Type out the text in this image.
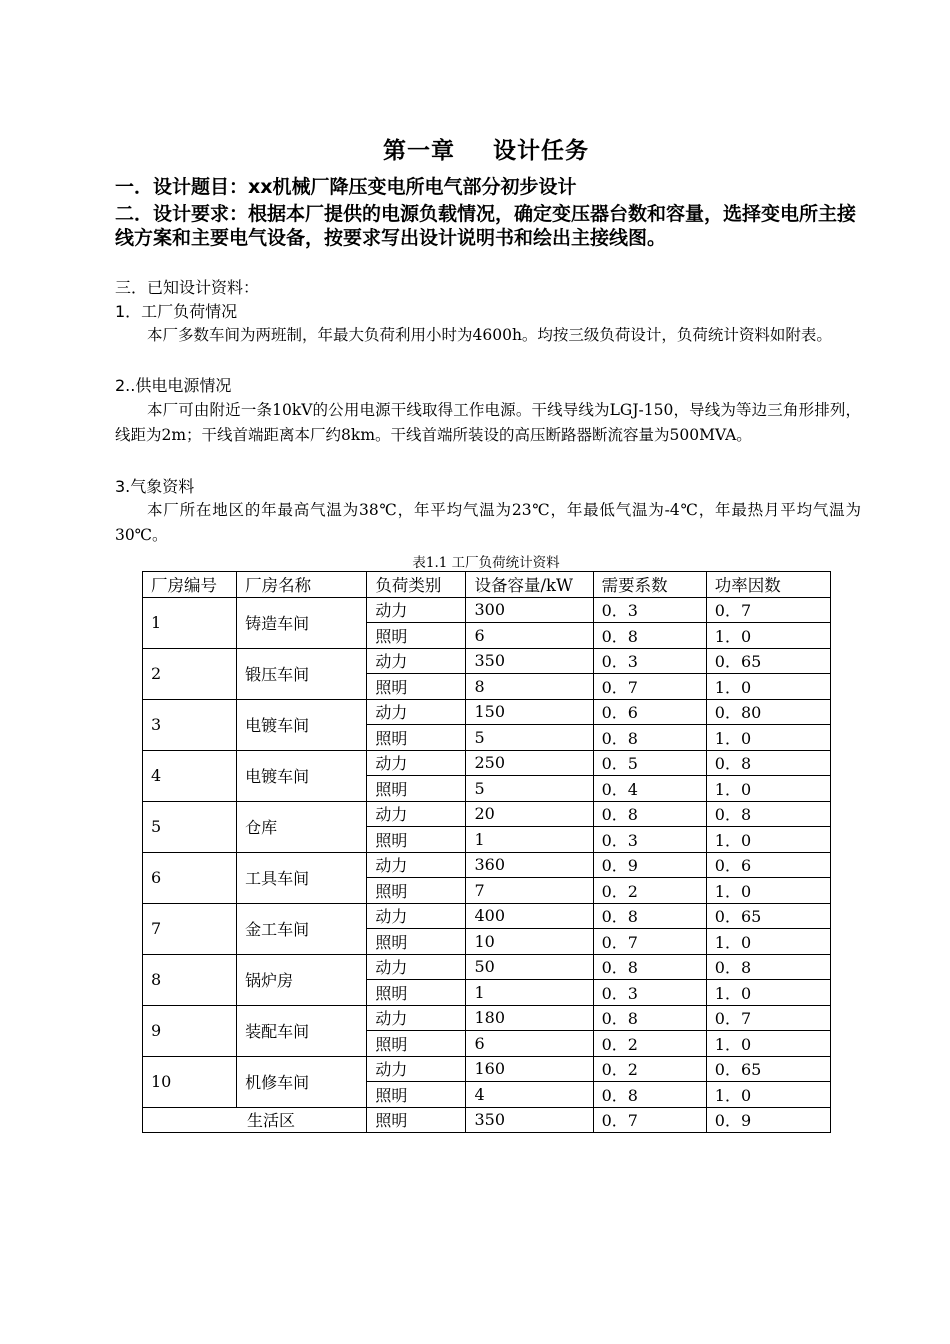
第一章 设计任务
一．设计题目：xx机械厂降压变电所电气部分初步设计
二．设计要求：根据本厂提供的电源负载情况，确定变压器台数和容量，选择变电所主接线方案和主要电气设备，按要求写出设计说明书和绘出主接线图。
三．已知设计资料：
1．工厂负荷情况
本厂多数车间为两班制，年最大负荷利用小时为4600h。均按三级负荷设计，负荷统计资料如附表。
2..供电电源情况
本厂可由附近一条10kV的公用电源干线取得工作电源。干线导线为LGJ-150，导线为等边三角形排列，线距为2m；干线首端距离本厂约8km。干线首端所装设的高压断路器断流容量为500MVA。
3.气象资料
本厂所在地区的年最高气温为38℃，年平均气温为23℃，年最低气温为-4℃，年最热月平均气温为30℃。
表1.1 工厂负荷统计资料
厂房编号	厂房名称	负荷类别	设备容量/kW	需要系数	功率因数
1	铸造车间	动力	300	0．3	0．7
		照明	6	0．8	1．0
2	锻压车间	动力	350	0．3	0．65
		照明	8	0．7	1．0
3	电镀车间	动力	150	0．6	0．80
		照明	5	0．8	1．0
4	电镀车间	动力	250	0．5	0．8
		照明	5	0．4	1．0
5	仓库	动力	20	0．8	0．8
		照明	1	0．3	1．0
6	工具车间	动力	360	0．9	0．6
		照明	7	0．2	1．0
7	金工车间	动力	400	0．8	0．65
		照明	10	0．7	1．0
8	锅炉房	动力	50	0．8	0．8
		照明	1	0．3	1．0
9	装配车间	动力	180	0．8	0．7
		照明	6	0．2	1．0
10	机修车间	动力	160	0．2	0．65
		照明	4	0．8	1．0
生活区		照明	350	0．7	0．9
